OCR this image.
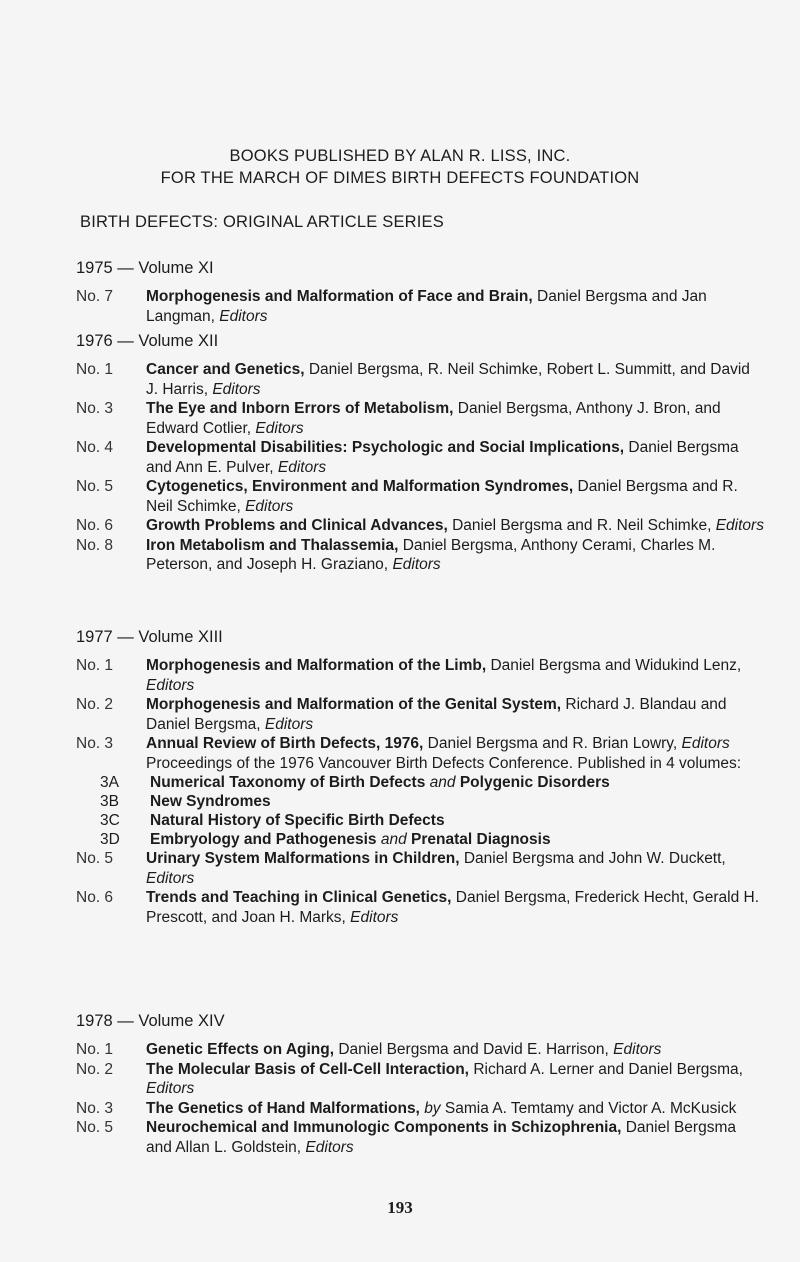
BOOKS PUBLISHED BY ALAN R. LISS, INC.
FOR THE MARCH OF DIMES BIRTH DEFECTS FOUNDATION
BIRTH DEFECTS: ORIGINAL ARTICLE SERIES
1975 — Volume XI
No. 7	Morphogenesis and Malformation of Face and Brain, Daniel Bergsma and Jan Langman, Editors
1976 — Volume XII
No. 1	Cancer and Genetics, Daniel Bergsma, R. Neil Schimke, Robert L. Summitt, and David J. Harris, Editors
No. 3	The Eye and Inborn Errors of Metabolism, Daniel Bergsma, Anthony J. Bron, and Edward Cotlier, Editors
No. 4	Developmental Disabilities: Psychologic and Social Implications, Daniel Bergsma and Ann E. Pulver, Editors
No. 5	Cytogenetics, Environment and Malformation Syndromes, Daniel Bergsma and R. Neil Schimke, Editors
No. 6	Growth Problems and Clinical Advances, Daniel Bergsma and R. Neil Schimke, Editors
No. 8	Iron Metabolism and Thalassemia, Daniel Bergsma, Anthony Cerami, Charles M. Peterson, and Joseph H. Graziano, Editors
1977 — Volume XIII
No. 1	Morphogenesis and Malformation of the Limb, Daniel Bergsma and Widukind Lenz, Editors
No. 2	Morphogenesis and Malformation of the Genital System, Richard J. Blandau and Daniel Bergsma, Editors
No. 3	Annual Review of Birth Defects, 1976, Daniel Bergsma and R. Brian Lowry, Editors
Proceedings of the 1976 Vancouver Birth Defects Conference. Published in 4 volumes:
3A	Numerical Taxonomy of Birth Defects and Polygenic Disorders
3B	New Syndromes
3C	Natural History of Specific Birth Defects
3D	Embryology and Pathogenesis and Prenatal Diagnosis
No. 5	Urinary System Malformations in Children, Daniel Bergsma and John W. Duckett, Editors
No. 6	Trends and Teaching in Clinical Genetics, Daniel Bergsma, Frederick Hecht, Gerald H. Prescott, and Joan H. Marks, Editors
1978 — Volume XIV
No. 1	Genetic Effects on Aging, Daniel Bergsma and David E. Harrison, Editors
No. 2	The Molecular Basis of Cell-Cell Interaction, Richard A. Lerner and Daniel Bergsma, Editors
No. 3	The Genetics of Hand Malformations, by Samia A. Temtamy and Victor A. McKusick
No. 5	Neurochemical and Immunologic Components in Schizophrenia, Daniel Bergsma and Allan L. Goldstein, Editors
193
